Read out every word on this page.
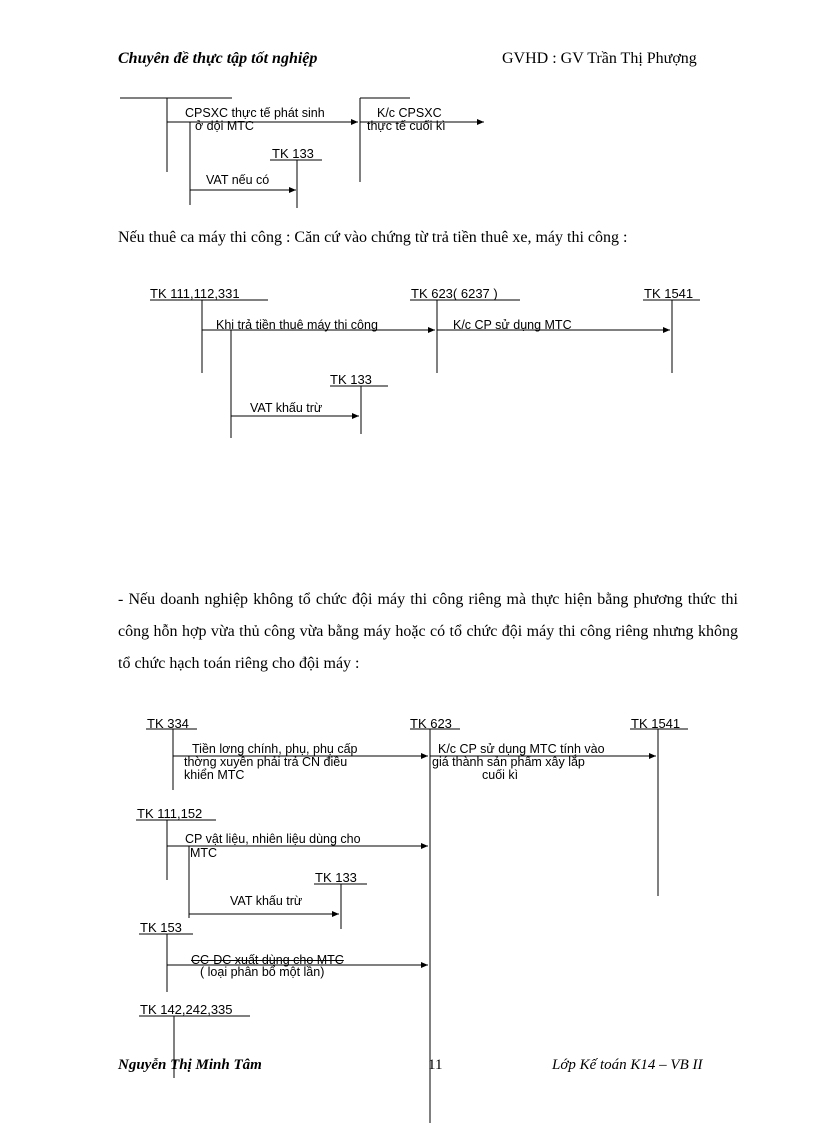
Chuyên đề thực tập tốt nghiệp	GVHD : GV Trần Thị Phượng
CPSXC thực tế phát sinh
ở đội MTC
K/c CPSXC
thực tế cuối kì
TK 133
VAT nếu có
Nếu thuê ca máy thi công : Căn cứ vào chứng từ trả tiền thuê xe, máy thi công :
TK 111,112,331	TK 623( 6237 )	TK 1541
Khi trả tiền thuê máy thi công	K/c CP sử dụng MTC
TK 133
VAT khấu trừ
- Nếu doanh nghiệp không tổ chức đội máy thi công riêng mà thực hiện bằng phương thức thi công hỗn hợp vừa thủ công vừa bằng máy hoặc có tổ chức đội máy thi công riêng nhưng không tổ chức hạch toán riêng cho đội máy :
TK 334	TK 623	TK 1541
Tiền lơng chính, phụ, phụ cấp
thờng xuyên phải trả CN điều
khiển MTC
K/c CP sử dụng MTC tính vào
giá thành sản phẩm xây lắp
cuối kì
TK 111,152
CP vật liệu, nhiên liệu dùng cho
MTC
TK 133
VAT khấu trừ
TK 153
CC-DC xuất dùng cho MTC
( loại phân bổ một lần)
TK 142,242,335
Nguyễn Thị Minh Tâm	11	Lớp Kế toán K14 – VB II
